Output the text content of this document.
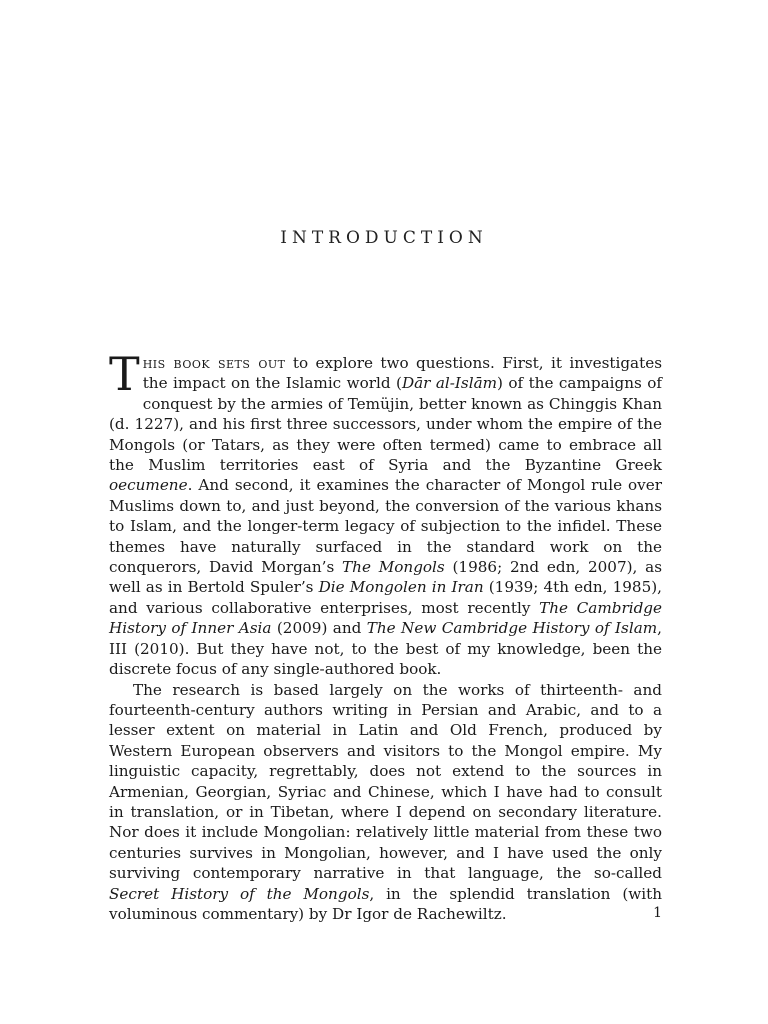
INTRODUCTION

This book sets out to explore two questions. First, it investigates the impact on the Islamic world (Dār al-Islām) of the campaigns of conquest by the armies of Temüjin, better known as Chinggis Khan (d. 1227), and his first three successors, under whom the empire of the Mongols (or Tatars, as they were often termed) came to embrace all the Muslim territories east of Syria and the Byzantine Greek oecumene. And second, it examines the character of Mongol rule over Muslims down to, and just beyond, the conversion of the various khans to Islam, and the longer-term legacy of subjection to the infidel. These themes have naturally surfaced in the standard work on the conquerors, David Morgan’s The Mongols (1986; 2nd edn, 2007), as well as in Bertold Spuler’s Die Mongolen in Iran (1939; 4th edn, 1985), and various collaborative enterprises, most recently The Cambridge History of Inner Asia (2009) and The New Cambridge History of Islam, III (2010). But they have not, to the best of my knowledge, been the discrete focus of any single-authored book.

The research is based largely on the works of thirteenth- and fourteenth-century authors writing in Persian and Arabic, and to a lesser extent on material in Latin and Old French, produced by Western European observers and visitors to the Mongol empire. My linguistic capacity, regrettably, does not extend to the sources in Armenian, Georgian, Syriac and Chinese, which I have had to consult in translation, or in Tibetan, where I depend on secondary literature. Nor does it include Mongolian: relatively little material from these two centuries survives in Mongolian, however, and I have used the only surviving contemporary narrative in that language, the so-called Secret History of the Mongols, in the splendid translation (with voluminous commentary) by Dr Igor de Rachewiltz.	1
